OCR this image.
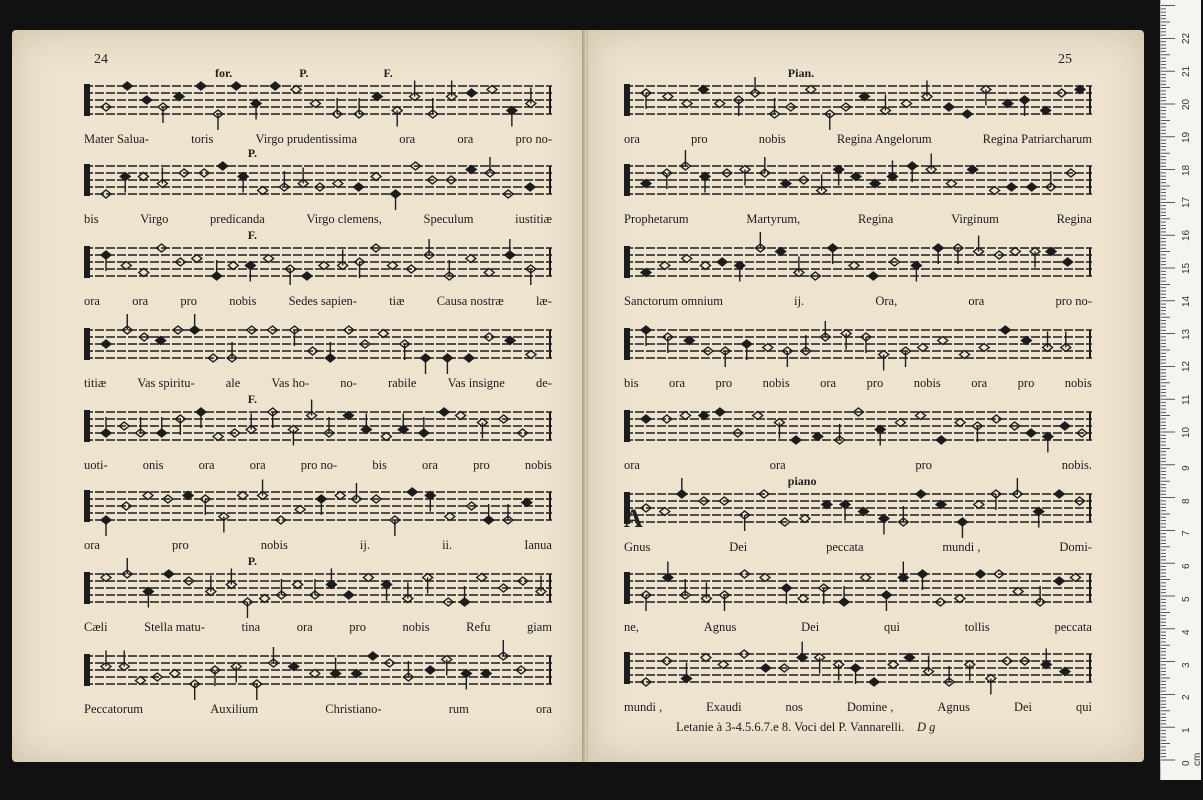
24
for.	P.	F.
Mater Salua-	toris	Virgo prudentissima	ora	ora	pro no-
P.
bis	Virgo	predicanda	Virgo clemens,	Speculum	iustitiæ
F.
ora	ora	pro	nobis	Sedes sapien-	tiæ	Causa nostræ	læ-
titiæ Vas spiritu- ale Vas ho- no- rabile Vas insigne de-
F.
uoti-	onis	ora	ora	pro no-	bis	ora	pro	nobis
ora	pro	nobis	ij.	ii.	Ianua
P.
Cæli	Stella matu-	tina	ora	pro	nobis	Refu	giam
Peccatorum	Auxilium	Christiano-	rum	ora
25
Pian.
ora	pro	nobis	Regina Angelorum	Regina Patriarcharum
Prophetarum	Martyrum,	Regina	Virginum	Regina
Sanctorum omnium	ij.	Ora,	ora	pro no-
bis ora pro nobis ora pro nobis ora pro nobis
ora	ora	pro	nobis.
piano
Gnus	Dei	peccata	mundi ,	Domi-
ne,	Agnus	Dei	qui	tollis	peccata
mundi ,	Exaudi	nos	Domine ,	Agnus	Dei	qui
A
Letanie à 3-4.5.6.7.e 8. Voci del P. Vannarelli. D g
0 cm
1
2
3
4
5
6
7
8
9
10
11
12
13
14
15
16
17
18
19
20
21
22
